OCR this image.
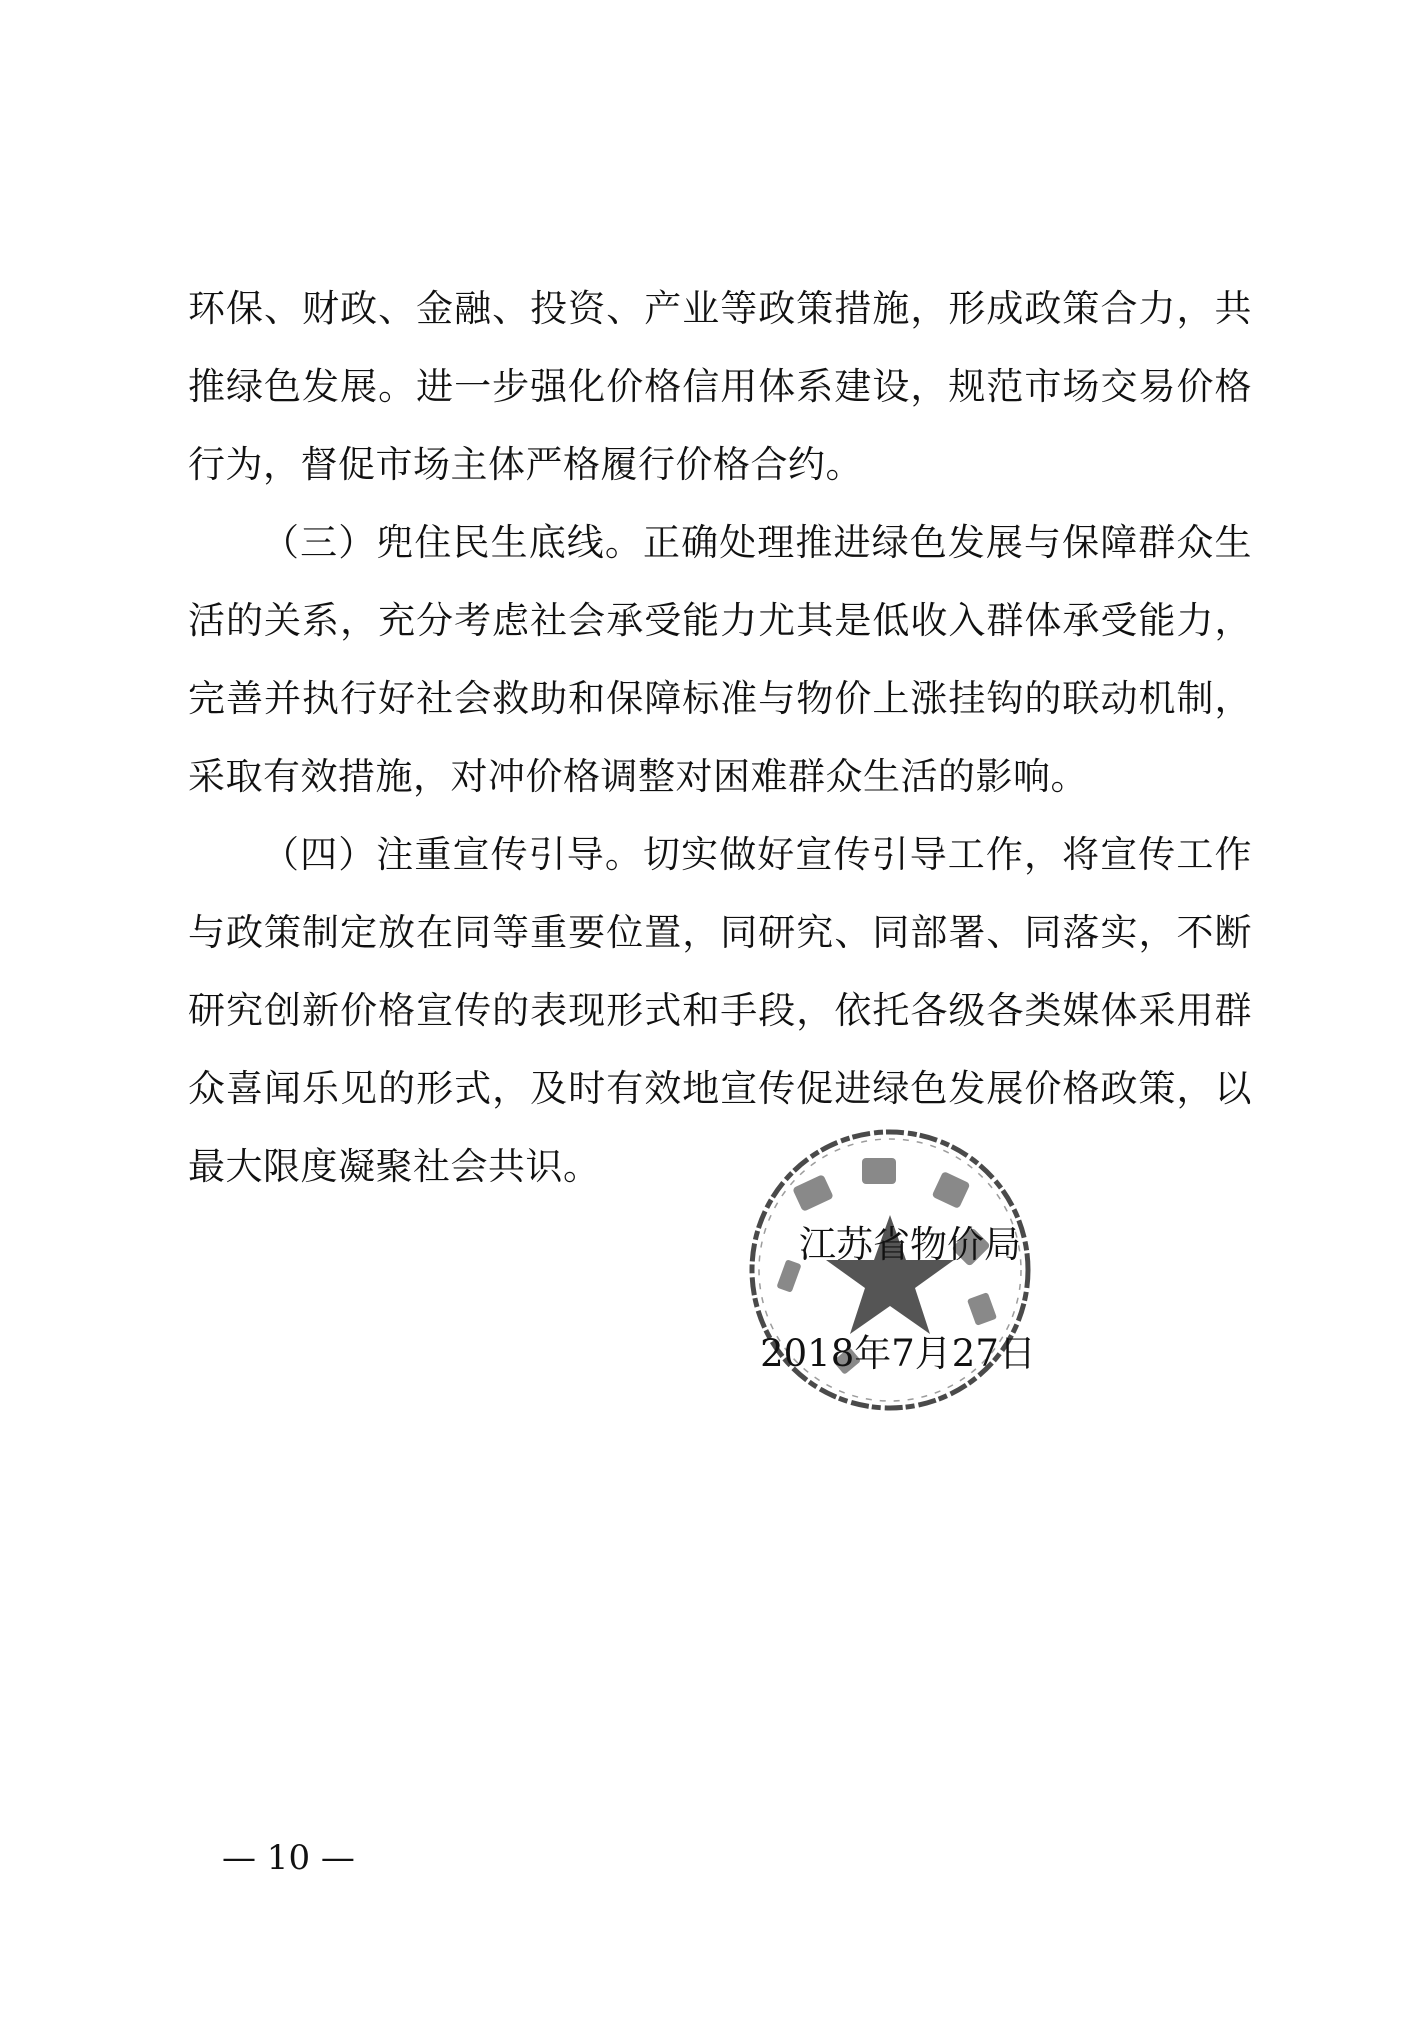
环保、财政、金融、投资、产业等政策措施，形成政策合力，共推绿色发展。进一步强化价格信用体系建设，规范市场交易价格行为，督促市场主体严格履行价格合约。

（三）兜住民生底线。正确处理推进绿色发展与保障群众生活的关系，充分考虑社会承受能力尤其是低收入群体承受能力，完善并执行好社会救助和保障标准与物价上涨挂钩的联动机制，采取有效措施，对冲价格调整对困难群众生活的影响。

（四）注重宣传引导。切实做好宣传引导工作，将宣传工作与政策制定放在同等重要位置，同研究、同部署、同落实，不断研究创新价格宣传的表现形式和手段，依托各级各类媒体采用群众喜闻乐见的形式，及时有效地宣传促进绿色发展价格政策，以最大限度凝聚社会共识。

江苏省物价局
2018年7月27日
— 10 —
